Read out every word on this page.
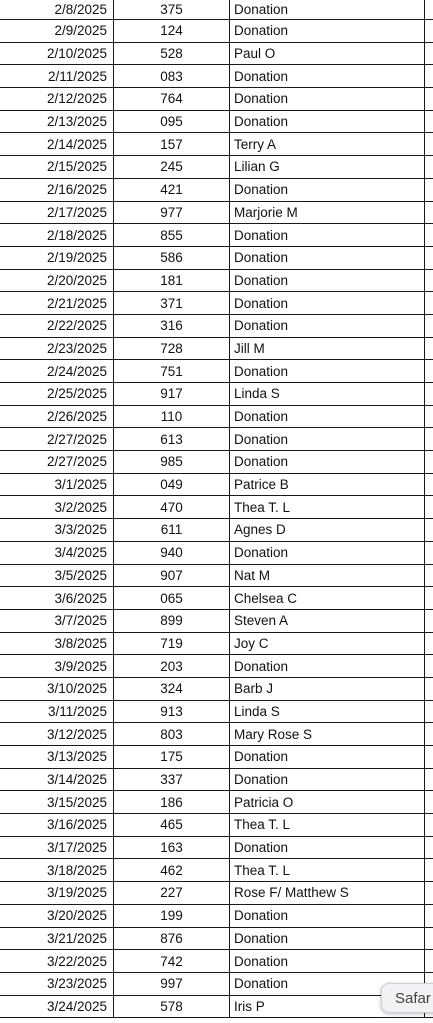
2/8/2025	375	Donation
2/9/2025	124	Donation
2/10/2025	528	Paul O
2/11/2025	083	Donation
2/12/2025	764	Donation
2/13/2025	095	Donation
2/14/2025	157	Terry A
2/15/2025	245	Lilian G
2/16/2025	421	Donation
2/17/2025	977	Marjorie M
2/18/2025	855	Donation
2/19/2025	586	Donation
2/20/2025	181	Donation
2/21/2025	371	Donation
2/22/2025	316	Donation
2/23/2025	728	Jill M
2/24/2025	751	Donation
2/25/2025	917	Linda S
2/26/2025	110	Donation
2/27/2025	613	Donation
2/27/2025	985	Donation
3/1/2025	049	Patrice B
3/2/2025	470	Thea T. L
3/3/2025	611	Agnes D
3/4/2025	940	Donation
3/5/2025	907	Nat M
3/6/2025	065	Chelsea C
3/7/2025	899	Steven A
3/8/2025	719	Joy C
3/9/2025	203	Donation
3/10/2025	324	Barb J
3/11/2025	913	Linda S
3/12/2025	803	Mary Rose S
3/13/2025	175	Donation
3/14/2025	337	Donation
3/15/2025	186	Patricia O
3/16/2025	465	Thea T. L
3/17/2025	163	Donation
3/18/2025	462	Thea T. L
3/19/2025	227	Rose F/ Matthew S
3/20/2025	199	Donation
3/21/2025	876	Donation
3/22/2025	742	Donation
3/23/2025	997	Donation
3/24/2025	578	Iris P	Safar
